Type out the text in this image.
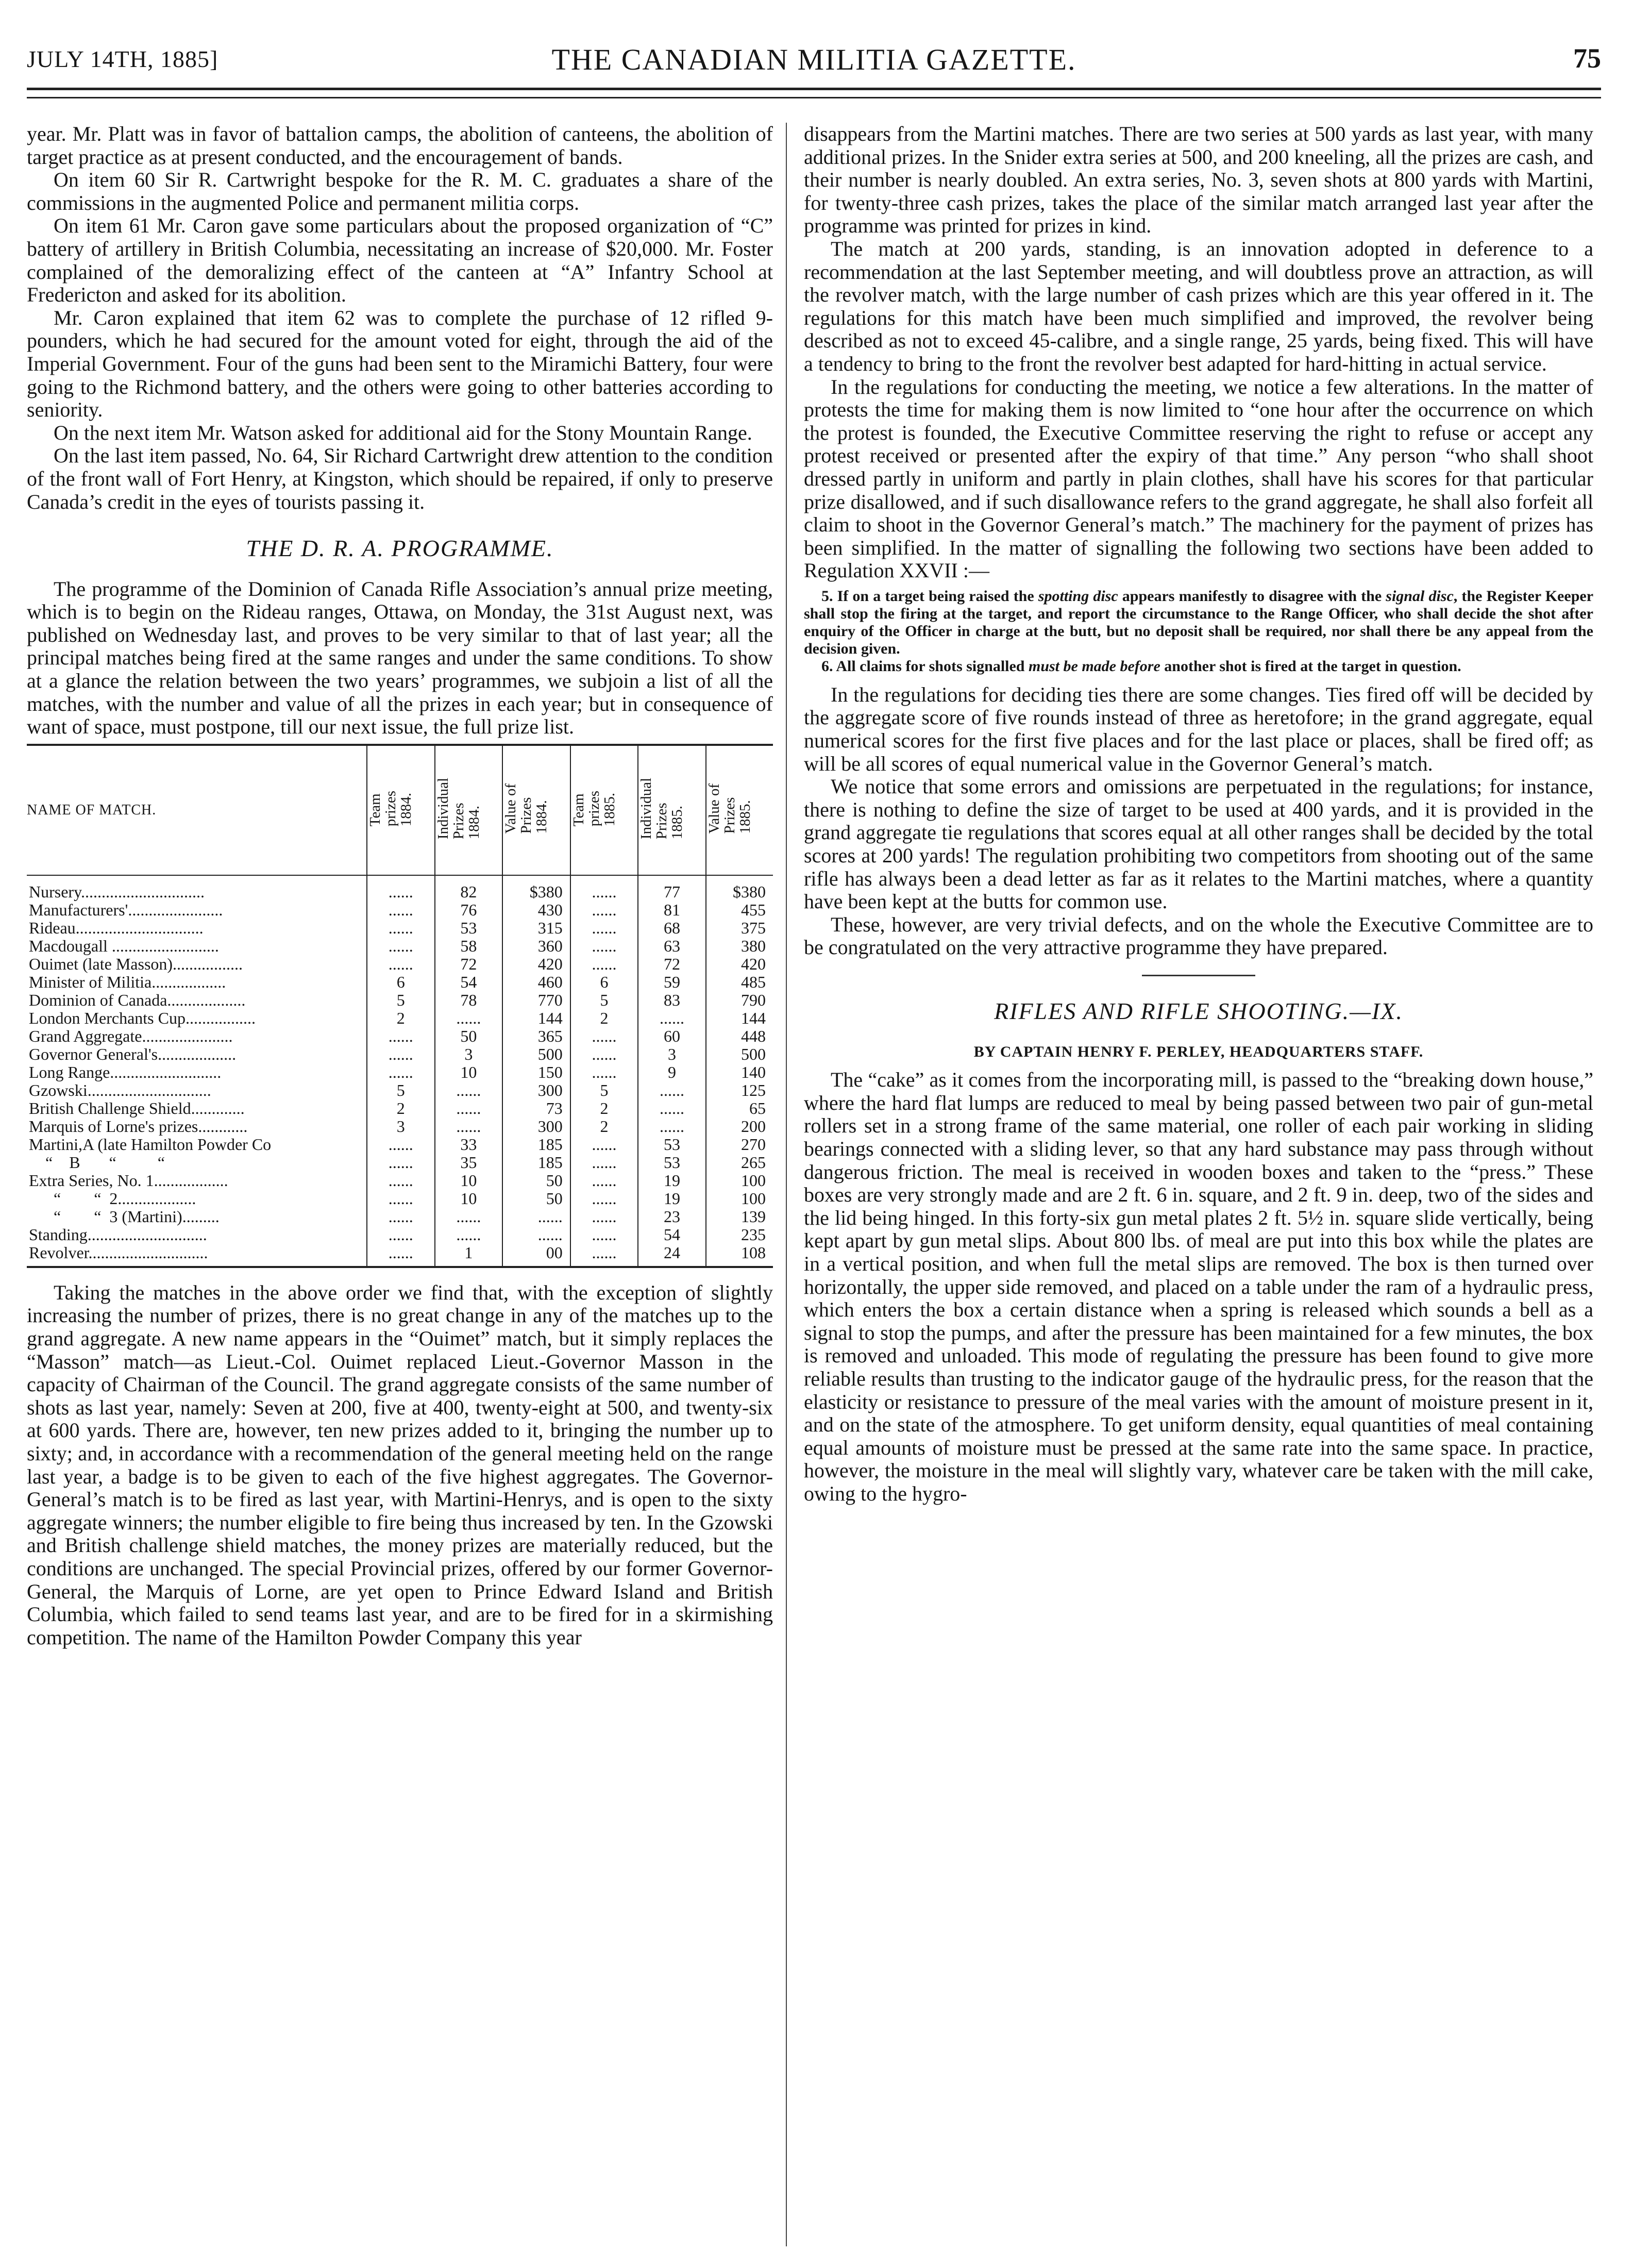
JULY 14TH, 1885]	THE CANADIAN MILITIA GAZETTE.	75

year. Mr. Platt was in favor of battalion camps, the abolition of canteens, the abolition of target practice as at present conducted, and the encouragement of bands.

On item 60 Sir R. Cartwright bespoke for the R. M. C. graduates a share of the commissions in the augmented Police and permanent militia corps.

On item 61 Mr. Caron gave some particulars about the proposed organization of “C” battery of artillery in British Columbia, necessitating an increase of $20,000. Mr. Foster complained of the demoralizing effect of the canteen at “A” Infantry School at Fredericton and asked for its abolition.

Mr. Caron explained that item 62 was to complete the purchase of 12 rifled 9-pounders, which he had secured for the amount voted for eight, through the aid of the Imperial Government. Four of the guns had been sent to the Miramichi Battery, four were going to the Richmond battery, and the others were going to other batteries according to seniority.

On the next item Mr. Watson asked for additional aid for the Stony Mountain Range.

On the last item passed, No. 64, Sir Richard Cartwright drew attention to the condition of the front wall of Fort Henry, at Kingston, which should be repaired, if only to preserve Canada’s credit in the eyes of tourists passing it.

THE D. R. A. PROGRAMME.

The programme of the Dominion of Canada Rifle Association’s annual prize meeting, which is to begin on the Rideau ranges, Ottawa, on Monday, the 31st August next, was published on Wednesday last, and proves to be very similar to that of last year; all the principal matches being fired at the same ranges and under the same conditions. To show at a glance the relation between the two years’ programmes, we subjoin a list of all the matches, with the number and value of all the prizes in each year; but in consequence of want of space, must postpone, till our next issue, the full prize list.

NAME OF MATCH.	Team
prizes
1884.	Individual
Prizes
1884.	Value of
Prizes
1884.	Team
prizes
1885.	Individual
Prizes
1885.	Value of
Prizes
1885.
Nursery..............................	......	82	$380	......	77	$380
Manufacturers'.......................	......	76	430	......	81	455
Rideau...............................	......	53	315	......	68	375
Macdougall ..........................	......	58	360	......	63	380
Ouimet (late Masson).................	......	72	420	......	72	420
Minister of Militia..................	6	54	460	6	59	485
Dominion of Canada...................	5	78	770	5	83	790
London Merchants Cup.................	2	......	144	2	......	144
Grand Aggregate......................	......	50	365	......	60	448
Governor General's...................	......	3	500	......	3	500
Long Range...........................	......	10	150	......	9	140
Gzowski..............................	5	......	300	5	......	125
British Challenge Shield.............	2	......	73	2	......	65
Marquis of Lorne's prizes............	3	......	300	2	......	200
Martini,A (late Hamilton Powder Co	......	33	185	......	53	270
“    B       “          “	......	35	185	......	53	265
Extra Series, No. 1..................	......	10	50	......	19	100
“        “  2...................	......	10	50	......	19	100
“        “  3 (Martini).........	......	......	......	......	23	139
Standing.............................	......	......	......	......	54	235
Revolver.............................	......	1	00	......	24	108

Taking the matches in the above order we find that, with the exception of slightly increasing the number of prizes, there is no great change in any of the matches up to the grand aggregate. A new name appears in the “Ouimet” match, but it simply replaces the “Masson” match—as Lieut.-Col. Ouimet replaced Lieut.-Governor Masson in the capacity of Chairman of the Council. The grand aggregate consists of the same number of shots as last year, namely: Seven at 200, five at 400, twenty-eight at 500, and twenty-six at 600 yards. There are, however, ten new prizes added to it, bringing the number up to sixty; and, in accordance with a recommendation of the general meeting held on the range last year, a badge is to be given to each of the five highest aggregates. The Governor-General’s match is to be fired as last year, with Martini-Henrys, and is open to the sixty aggregate winners; the number eligible to fire being thus increased by ten. In the Gzowski and British challenge shield matches, the money prizes are materially reduced, but the conditions are unchanged. The special Provincial prizes, offered by our former Governor-General, the Marquis of Lorne, are yet open to Prince Edward Island and British Columbia, which failed to send teams last year, and are to be fired for in a skirmishing competition. The name of the Hamilton Powder Company this year

disappears from the Martini matches. There are two series at 500 yards as last year, with many additional prizes. In the Snider extra series at 500, and 200 kneeling, all the prizes are cash, and their number is nearly doubled. An extra series, No. 3, seven shots at 800 yards with Martini, for twenty-three cash prizes, takes the place of the similar match arranged last year after the programme was printed for prizes in kind.

The match at 200 yards, standing, is an innovation adopted in deference to a recommendation at the last September meeting, and will doubtless prove an attraction, as will the revolver match, with the large number of cash prizes which are this year offered in it. The regulations for this match have been much simplified and improved, the revolver being described as not to exceed 45-calibre, and a single range, 25 yards, being fixed. This will have a tendency to bring to the front the revolver best adapted for hard-hitting in actual service.

In the regulations for conducting the meeting, we notice a few alterations. In the matter of protests the time for making them is now limited to “one hour after the occurrence on which the protest is founded, the Executive Committee reserving the right to refuse or accept any protest received or presented after the expiry of that time.” Any person “who shall shoot dressed partly in uniform and partly in plain clothes, shall have his scores for that particular prize disallowed, and if such disallowance refers to the grand aggregate, he shall also forfeit all claim to shoot in the Governor General’s match.” The machinery for the payment of prizes has been simplified. In the matter of signalling the following two sections have been added to Regulation XXVII :—

5. If on a target being raised the spotting disc appears manifestly to disagree with the signal disc, the Register Keeper shall stop the firing at the target, and report the circumstance to the Range Officer, who shall decide the shot after enquiry of the Officer in charge at the butt, but no deposit shall be required, nor shall there be any appeal from the decision given.
6. All claims for shots signalled must be made before another shot is fired at the target in question.

In the regulations for deciding ties there are some changes. Ties fired off will be decided by the aggregate score of five rounds instead of three as heretofore; in the grand aggregate, equal numerical scores for the first five places and for the last place or places, shall be fired off; as will be all scores of equal numerical value in the Governor General’s match.

We notice that some errors and omissions are perpetuated in the regulations; for instance, there is nothing to define the size of target to be used at 400 yards, and it is provided in the grand aggregate tie regulations that scores equal at all other ranges shall be decided by the total scores at 200 yards! The regulation prohibiting two competitors from shooting out of the same rifle has always been a dead letter as far as it relates to the Martini matches, where a quantity have been kept at the butts for common use.

These, however, are very trivial defects, and on the whole the Executive Committee are to be congratulated on the very attractive programme they have prepared.

RIFLES AND RIFLE SHOOTING.—IX.
BY CAPTAIN HENRY F. PERLEY, HEADQUARTERS STAFF.

The “cake” as it comes from the incorporating mill, is passed to the “breaking down house,” where the hard flat lumps are reduced to meal by being passed between two pair of gun-metal rollers set in a strong frame of the same material, one roller of each pair working in sliding bearings connected with a sliding lever, so that any hard substance may pass through without dangerous friction. The meal is received in wooden boxes and taken to the “press.” These boxes are very strongly made and are 2 ft. 6 in. square, and 2 ft. 9 in. deep, two of the sides and the lid being hinged. In this forty-six gun metal plates 2 ft. 5½ in. square slide vertically, being kept apart by gun metal slips. About 800 lbs. of meal are put into this box while the plates are in a vertical position, and when full the metal slips are removed. The box is then turned over horizontally, the upper side removed, and placed on a table under the ram of a hydraulic press, which enters the box a certain distance when a spring is released which sounds a bell as a signal to stop the pumps, and after the pressure has been maintained for a few minutes, the box is removed and unloaded. This mode of regulating the pressure has been found to give more reliable results than trusting to the indicator gauge of the hydraulic press, for the reason that the elasticity or resistance to pressure of the meal varies with the amount of moisture present in it, and on the state of the atmosphere. To get uniform density, equal quantities of meal containing equal amounts of moisture must be pressed at the same rate into the same space. In practice, however, the moisture in the meal will slightly vary, whatever care be taken with the mill cake, owing to the hygro-
